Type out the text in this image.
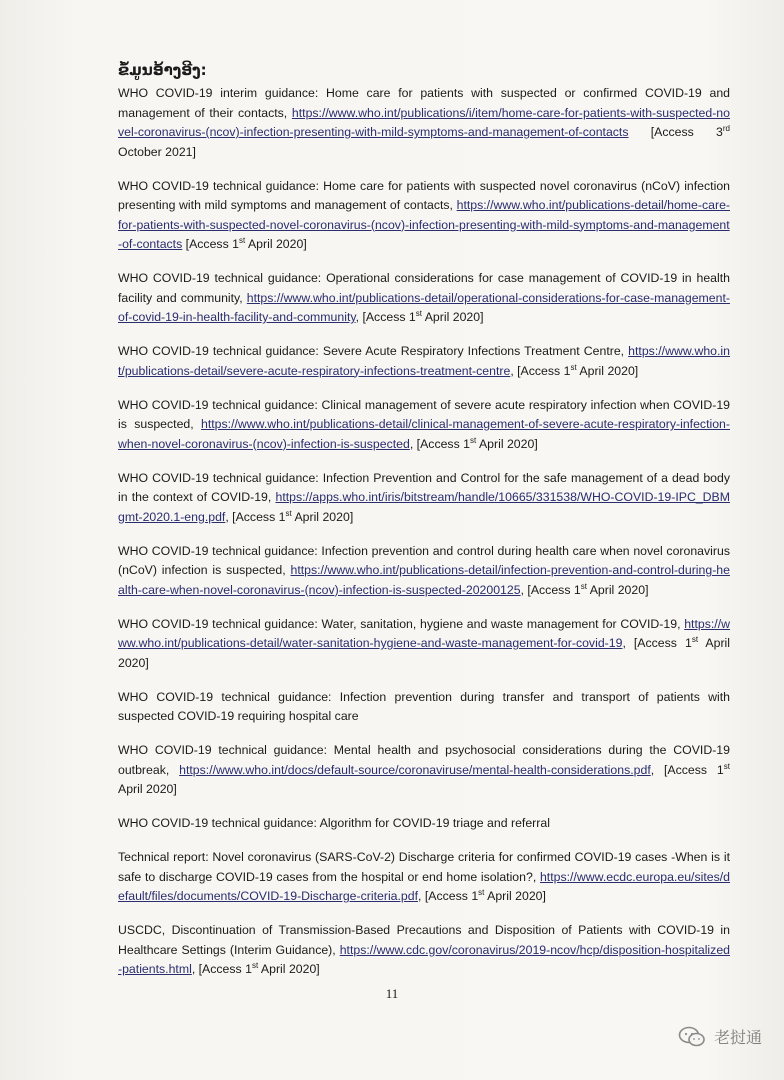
ຂໍ້ມູນອ້າງອີງ:

WHO COVID-19 interim guidance: Home care for patients with suspected or confirmed COVID-19 and management of their contacts, https://www.who.int/publications/i/item/home-care-for-patients-with-suspected-novel-coronavirus-(ncov)-infection-presenting-with-mild-symptoms-and-management-of-contacts [Access 3rd October 2021]

WHO COVID-19 technical guidance: Home care for patients with suspected novel coronavirus (nCoV) infection presenting with mild symptoms and management of contacts, https://www.who.int/publications-detail/home-care-for-patients-with-suspected-novel-coronavirus-(ncov)-infection-presenting-with-mild-symptoms-and-management-of-contacts [Access 1st April 2020]

WHO COVID-19 technical guidance: Operational considerations for case management of COVID-19 in health facility and community, https://www.who.int/publications-detail/operational-considerations-for-case-management-of-covid-19-in-health-facility-and-community, [Access 1st April 2020]

WHO COVID-19 technical guidance: Severe Acute Respiratory Infections Treatment Centre, https://www.who.int/publications-detail/severe-acute-respiratory-infections-treatment-centre, [Access 1st April 2020]

WHO COVID-19 technical guidance: Clinical management of severe acute respiratory infection when COVID-19 is suspected, https://www.who.int/publications-detail/clinical-management-of-severe-acute-respiratory-infection-when-novel-coronavirus-(ncov)-infection-is-suspected, [Access 1st April 2020]

WHO COVID-19 technical guidance: Infection Prevention and Control for the safe management of a dead body in the context of COVID-19, https://apps.who.int/iris/bitstream/handle/10665/331538/WHO-COVID-19-IPC_DBMgmt-2020.1-eng.pdf, [Access 1st April 2020]

WHO COVID-19 technical guidance: Infection prevention and control during health care when novel coronavirus (nCoV) infection is suspected, https://www.who.int/publications-detail/infection-prevention-and-control-during-health-care-when-novel-coronavirus-(ncov)-infection-is-suspected-20200125, [Access 1st April 2020]

WHO COVID-19 technical guidance: Water, sanitation, hygiene and waste management for COVID-19, https://www.who.int/publications-detail/water-sanitation-hygiene-and-waste-management-for-covid-19, [Access 1st April 2020]

WHO COVID-19 technical guidance: Infection prevention during transfer and transport of patients with suspected COVID-19 requiring hospital care

WHO COVID-19 technical guidance: Mental health and psychosocial considerations during the COVID-19 outbreak, https://www.who.int/docs/default-source/coronaviruse/mental-health-considerations.pdf, [Access 1st April 2020]

WHO COVID-19 technical guidance: Algorithm for COVID-19 triage and referral

Technical report: Novel coronavirus (SARS-CoV-2) Discharge criteria for confirmed COVID-19 cases -When is it safe to discharge COVID-19 cases from the hospital or end home isolation?, https://www.ecdc.europa.eu/sites/default/files/documents/COVID-19-Discharge-criteria.pdf, [Access 1st April 2020]

USCDC, Discontinuation of Transmission-Based Precautions and Disposition of Patients with COVID-19 in Healthcare Settings (Interim Guidance), https://www.cdc.gov/coronavirus/2019-ncov/hcp/disposition-hospitalized-patients.html, [Access 1st April 2020]

11
老挝通
